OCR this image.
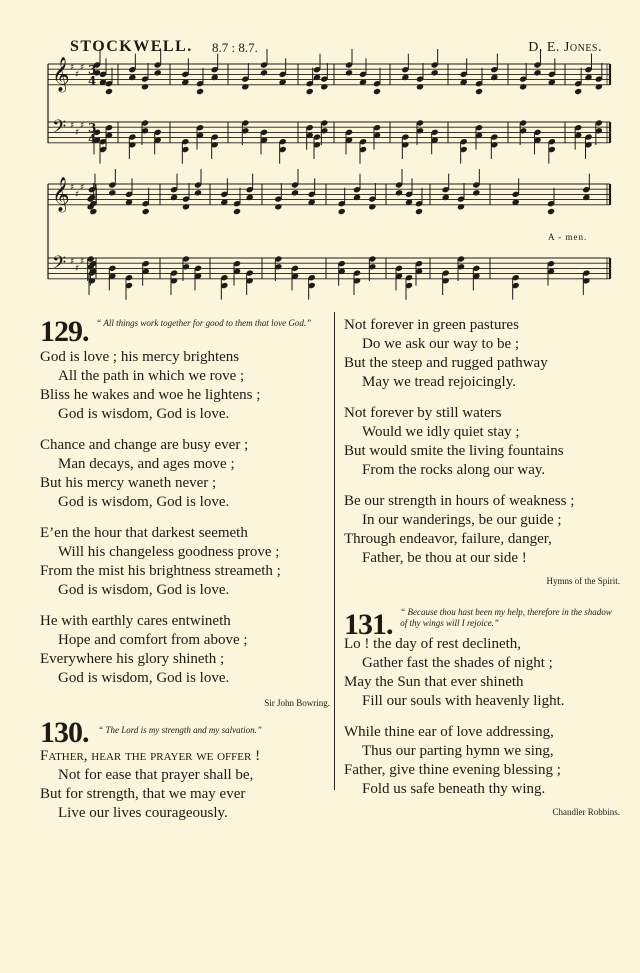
STOCKWELL. 8.7 : 8.7.	D. E. Jones.
𝄞 ♯
♯
♯
𝄢 ♯
♯
♯
𝄞 ♯
♯
♯
𝄢 ♯
♯
♯
3
4
3
4
A - men.
129. “ All things work together for good to them that love God.”
God is love ; his mercy brightens
All the path in which we rove ;
Bliss he wakes and woe he lightens ;
God is wisdom, God is love.
Chance and change are busy ever ;
Man decays, and ages move ;
But his mercy waneth never ;
God is wisdom, God is love.
E’en the hour that darkest seemeth
Will his changeless goodness prove ;
From the mist his brightness streameth ;
God is wisdom, God is love.
He with earthly cares entwineth
Hope and comfort from above ;
Everywhere his glory shineth ;
God is wisdom, God is love.
Sir John Bowring.
130. “ The Lord is my strength and my salvation.”
Father, hear the prayer we offer !
Not for ease that prayer shall be,
But for strength, that we may ever
Live our lives courageously.
Not forever in green pastures
Do we ask our way to be ;
But the steep and rugged pathway
May we tread rejoicingly.
Not forever by still waters
Would we idly quiet stay ;
But would smite the living fountains
From the rocks along our way.
Be our strength in hours of weakness ;
In our wanderings, be our guide ;
Through endeavor, failure, danger,
Father, be thou at our side !
Hymns of the Spirit.
131. “ Because thou hast been my help, therefore in the shadow of thy wings will I rejoice.”
Lo ! the day of rest declineth,
Gather fast the shades of night ;
May the Sun that ever shineth
Fill our souls with heavenly light.
While thine ear of love addressing,
Thus our parting hymn we sing,
Father, give thine evening blessing ;
Fold us safe beneath thy wing.
Chandler Robbins.
